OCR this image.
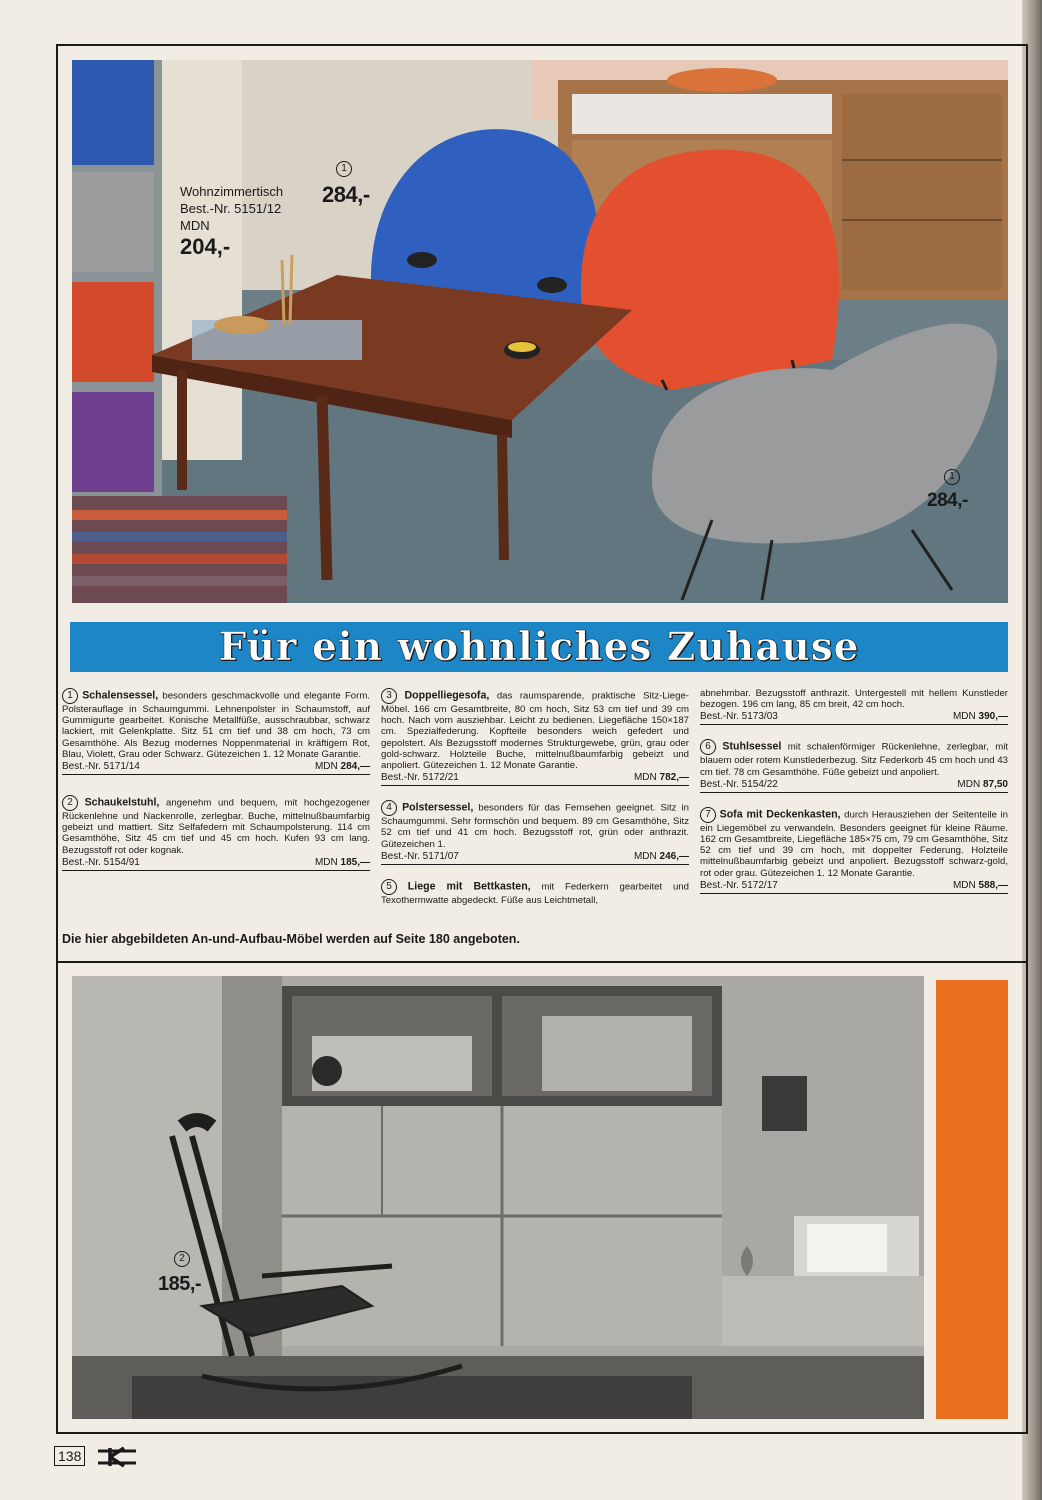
Wohnzimmertisch
Best.-Nr. 5151/12
MDN
204,-
1
284,-
1
284,-
Für ein wohnliches Zuhause

1 Schalensessel, besonders geschmackvolle und elegante Form. Polsterauflage in Schaumgummi. Lehnenpolster in Schaumstoff, auf Gummigurte gearbeitet. Konische Metallfüße, ausschraubbar, schwarz lackiert, mit Gelenkplatte. Sitz 51 cm tief und 38 cm hoch, 73 cm Gesamthöhe. Als Bezug modernes Noppenmaterial in kräftigem Rot, Blau, Violett, Grau oder Schwarz. Gütezeichen 1. 12 Monate Garantie.

Best.-Nr. 5171/14	MDN 284,—

2 Schaukelstuhl, angenehm und bequem, mit hochgezogener Rückenlehne und Nackenrolle, zerlegbar. Buche, mittelnußbaumfarbig gebeizt und mattiert. Sitz Selfafedern mit Schaumpolsterung. 114 cm Gesamthöhe, Sitz 45 cm tief und 45 cm hoch. Kufen 93 cm lang. Bezugsstoff rot oder kognak.

Best.-Nr. 5154/91	MDN 185,—

3 Doppelliegesofa, das raumsparende, praktische Sitz-Liege-Möbel. 166 cm Gesamtbreite, 80 cm hoch, Sitz 53 cm tief und 39 cm hoch. Nach vorn ausziehbar. Leicht zu bedienen. Liegefläche 150×187 cm. Spezialfederung. Kopfteile besonders weich gefedert und gepolstert. Als Bezugsstoff modernes Strukturgewebe, grün, grau oder gold-schwarz. Holzteile Buche, mittelnußbaumfarbig gebeizt und anpoliert. Gütezeichen 1. 12 Monate Garantie.

Best.-Nr. 5172/21	MDN 782,—

4 Polstersessel, besonders für das Fernsehen geeignet. Sitz in Schaumgummi. Sehr formschön und bequem. 89 cm Gesamthöhe, Sitz 52 cm tief und 41 cm hoch. Bezugsstoff rot, grün oder anthrazit. Gütezeichen 1.

Best.-Nr. 5171/07	MDN 246,—

5 Liege mit Bettkasten, mit Federkern gearbeitet und Texothermwatte abgedeckt. Füße aus Leichtmetall,

abnehmbar. Bezugsstoff anthrazit. Untergestell mit hellem Kunstleder bezogen. 196 cm lang, 85 cm breit, 42 cm hoch.

Best.-Nr. 5173/03	MDN 390,—

6 Stuhlsessel mit schalenförmiger Rückenlehne, zerlegbar, mit blauem oder rotem Kunstlederbezug. Sitz Federkorb 45 cm hoch und 43 cm tief. 78 cm Gesamthöhe. Füße gebeizt und anpoliert.

Best.-Nr. 5154/22	MDN 87,50

7 Sofa mit Deckenkasten, durch Herausziehen der Seitenteile in ein Liegemöbel zu verwandeln. Besonders geeignet für kleine Räume. 162 cm Gesamtbreite, Liegefläche 185×75 cm, 79 cm Gesamthöhe, Sitz 52 cm tief und 39 cm hoch, mit doppelter Federung. Holzteile mittelnußbaumfarbig gebeizt und anpoliert. Bezugsstoff schwarz-gold, rot oder grau. Gütezeichen 1. 12 Monate Garantie.

Best.-Nr. 5172/17	MDN 588,—
Die hier abgebildeten An-und-Aufbau-Möbel werden auf Seite 180 angeboten.
2
185,-
138
